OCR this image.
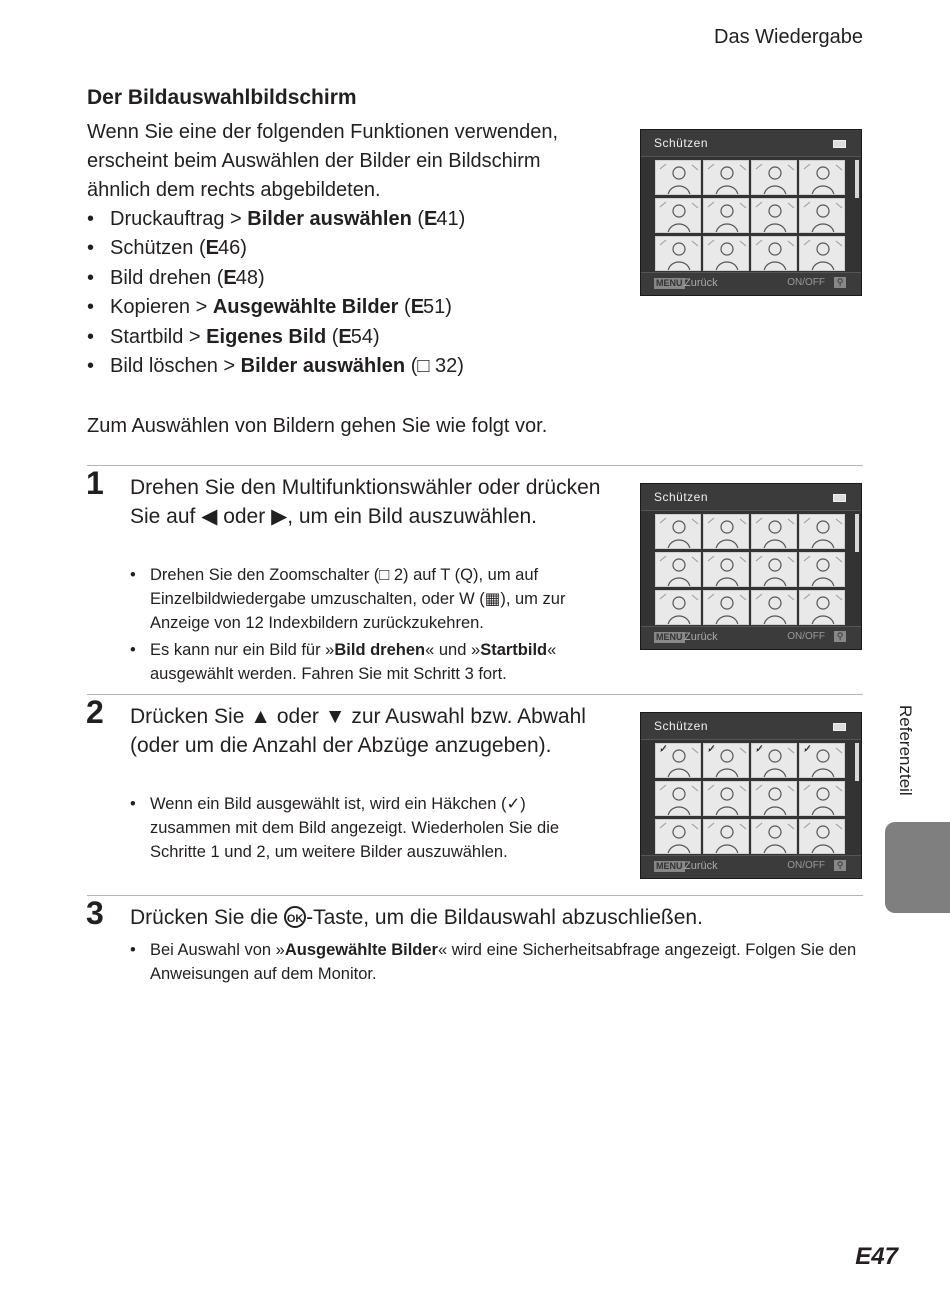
Das Wiedergabe
Der Bildauswahlbildschirm
Wenn Sie eine der folgenden Funktionen verwenden, erscheint beim Auswählen der Bilder ein Bildschirm ähnlich dem rechts abgebildeten.
• Druckauftrag > Bilder auswählen (E41)
• Schützen (E46)
• Bild drehen (E48)
• Kopieren > Ausgewählte Bilder (E51)
• Startbild > Eigenes Bild (E54)
• Bild löschen > Bilder auswählen (□ 32)
Zum Auswählen von Bildern gehen Sie wie folgt vor.
Schützen
MENU Zurück	ON/OFF	⚲
Schützen
MENU Zurück	ON/OFF	⚲
Schützen
✓	✓	✓	✓
MENU Zurück	ON/OFF	⚲
1 Drehen Sie den Multifunktionswähler oder drücken Sie auf ◀ oder ▶, um ein Bild auszuwählen.
• Drehen Sie den Zoomschalter (□ 2) auf T (Q), um auf Einzelbildwiedergabe umzuschalten, oder W (▦), um zur Anzeige von 12 Indexbildern zurückzukehren.
• Es kann nur ein Bild für »Bild drehen« und »Startbild« ausgewählt werden. Fahren Sie mit Schritt 3 fort.
2 Drücken Sie ▲ oder ▼ zur Auswahl bzw. Abwahl (oder um die Anzahl der Abzüge anzugeben).
• Wenn ein Bild ausgewählt ist, wird ein Häkchen (✓) zusammen mit dem Bild angezeigt. Wiederholen Sie die Schritte 1 und 2, um weitere Bilder auszuwählen.
3 Drücken Sie die OK -Taste, um die Bildauswahl abzuschließen.
• Bei Auswahl von »Ausgewählte Bilder« wird eine Sicherheitsabfrage angezeigt. Folgen Sie den Anweisungen auf dem Monitor.
Referenzteil
E47
